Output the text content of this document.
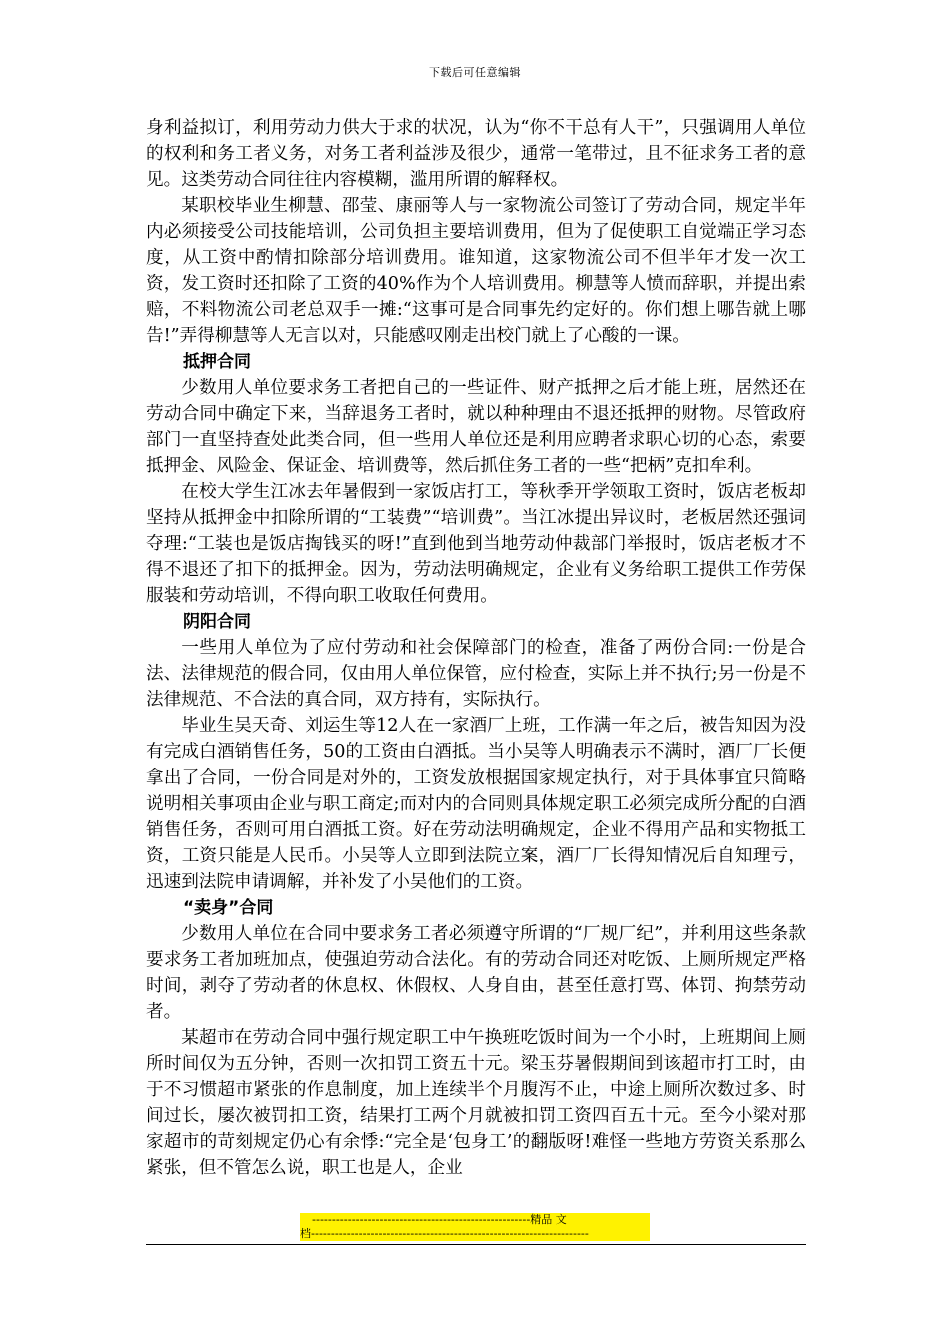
下载后可任意编辑

身利益拟订，利用劳动力供大于求的状况，认为“你不干总有人干”，只强调用人单位的权利和务工者义务，对务工者利益涉及很少，通常一笔带过，且不征求务工者的意见。这类劳动合同往往内容模糊，滥用所谓的解释权。

某职校毕业生柳慧、邵莹、康丽等人与一家物流公司签订了劳动合同，规定半年内必须接受公司技能培训，公司负担主要培训费用，但为了促使职工自觉端正学习态度，从工资中酌情扣除部分培训费用。谁知道，这家物流公司不但半年才发一次工资，发工资时还扣除了工资的40%作为个人培训费用。柳慧等人愤而辞职，并提出索赔，不料物流公司老总双手一摊:“这事可是合同事先约定好的。你们想上哪告就上哪告!”弄得柳慧等人无言以对，只能感叹刚走出校门就上了心酸的一课。

抵押合同

少数用人单位要求务工者把自己的一些证件、财产抵押之后才能上班，居然还在劳动合同中确定下来，当辞退务工者时，就以种种理由不退还抵押的财物。尽管政府部门一直坚持查处此类合同，但一些用人单位还是利用应聘者求职心切的心态，索要抵押金、风险金、保证金、培训费等，然后抓住务工者的一些“把柄”克扣牟利。

在校大学生江冰去年暑假到一家饭店打工，等秋季开学领取工资时，饭店老板却坚持从抵押金中扣除所谓的“工装费”“培训费”。当江冰提出异议时，老板居然还强词夺理:“工装也是饭店掏钱买的呀!”直到他到当地劳动仲裁部门举报时，饭店老板才不得不退还了扣下的抵押金。因为，劳动法明确规定，企业有义务给职工提供工作劳保服装和劳动培训，不得向职工收取任何费用。

阴阳合同

一些用人单位为了应付劳动和社会保障部门的检查，准备了两份合同:一份是合法、法律规范的假合同，仅由用人单位保管，应付检查，实际上并不执行;另一份是不法律规范、不合法的真合同，双方持有，实际执行。

毕业生吴天奇、刘运生等12人在一家酒厂上班，工作满一年之后，被告知因为没有完成白酒销售任务，50的工资由白酒抵。当小吴等人明确表示不满时，酒厂厂长便拿出了合同，一份合同是对外的，工资发放根据国家规定执行，对于具体事宜只简略说明相关事项由企业与职工商定;而对内的合同则具体规定职工必须完成所分配的白酒销售任务，否则可用白酒抵工资。好在劳动法明确规定，企业不得用产品和实物抵工资，工资只能是人民币。小吴等人立即到法院立案，酒厂厂长得知情况后自知理亏，迅速到法院申请调解，并补发了小吴他们的工资。

“卖身”合同

少数用人单位在合同中要求务工者必须遵守所谓的“厂规厂纪”，并利用这些条款要求务工者加班加点，使强迫劳动合法化。有的劳动合同还对吃饭、上厕所规定严格时间，剥夺了劳动者的休息权、休假权、人身自由，甚至任意打骂、体罚、拘禁劳动者。

某超市在劳动合同中强行规定职工中午换班吃饭时间为一个小时，上班期间上厕所时间仅为五分钟，否则一次扣罚工资五十元。梁玉芬暑假期间到该超市打工时，由于不习惯超市紧张的作息制度，加上连续半个月腹泻不止，中途上厕所次数过多、时间过长，屡次被罚扣工资，结果打工两个月就被扣罚工资四百五十元。至今小梁对那家超市的苛刻规定仍心有余悸:“完全是‘包身工’的翻版呀!难怪一些地方劳资关系那么紧张，但不管怎么说，职工也是人，企业

-------------------------------------------------------精品 文
档----------------------------------------------------------------------
